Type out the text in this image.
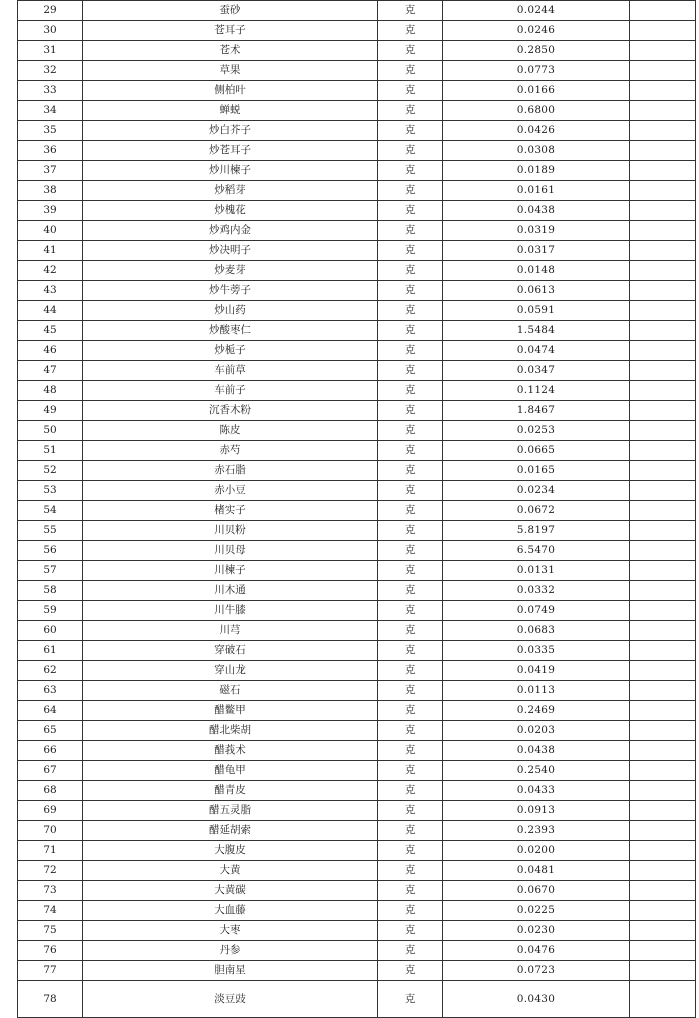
29	蚕砂	克	0.0244	
30	苍耳子	克	0.0246	
31	苍术	克	0.2850	
32	草果	克	0.0773	
33	侧柏叶	克	0.0166	
34	蝉蜕	克	0.6800	
35	炒白芥子	克	0.0426	
36	炒苍耳子	克	0.0308	
37	炒川楝子	克	0.0189	
38	炒稻芽	克	0.0161	
39	炒槐花	克	0.0438	
40	炒鸡内金	克	0.0319	
41	炒决明子	克	0.0317	
42	炒麦芽	克	0.0148	
43	炒牛蒡子	克	0.0613	
44	炒山药	克	0.0591	
45	炒酸枣仁	克	1.5484	
46	炒栀子	克	0.0474	
47	车前草	克	0.0347	
48	车前子	克	0.1124	
49	沉香木粉	克	1.8467	
50	陈皮	克	0.0253	
51	赤芍	克	0.0665	
52	赤石脂	克	0.0165	
53	赤小豆	克	0.0234	
54	楮实子	克	0.0672	
55	川贝粉	克	5.8197	
56	川贝母	克	6.5470	
57	川楝子	克	0.0131	
58	川木通	克	0.0332	
59	川牛膝	克	0.0749	
60	川芎	克	0.0683	
61	穿破石	克	0.0335	
62	穿山龙	克	0.0419	
63	磁石	克	0.0113	
64	醋鳖甲	克	0.2469	
65	醋北柴胡	克	0.0203	
66	醋莪术	克	0.0438	
67	醋龟甲	克	0.2540	
68	醋青皮	克	0.0433	
69	醋五灵脂	克	0.0913	
70	醋延胡索	克	0.2393	
71	大腹皮	克	0.0200	
72	大黄	克	0.0481	
73	大黄碳	克	0.0670	
74	大血藤	克	0.0225	
75	大枣	克	0.0230	
76	丹参	克	0.0476	
77	胆南星	克	0.0723	
78	淡豆豉	克	0.0430	
